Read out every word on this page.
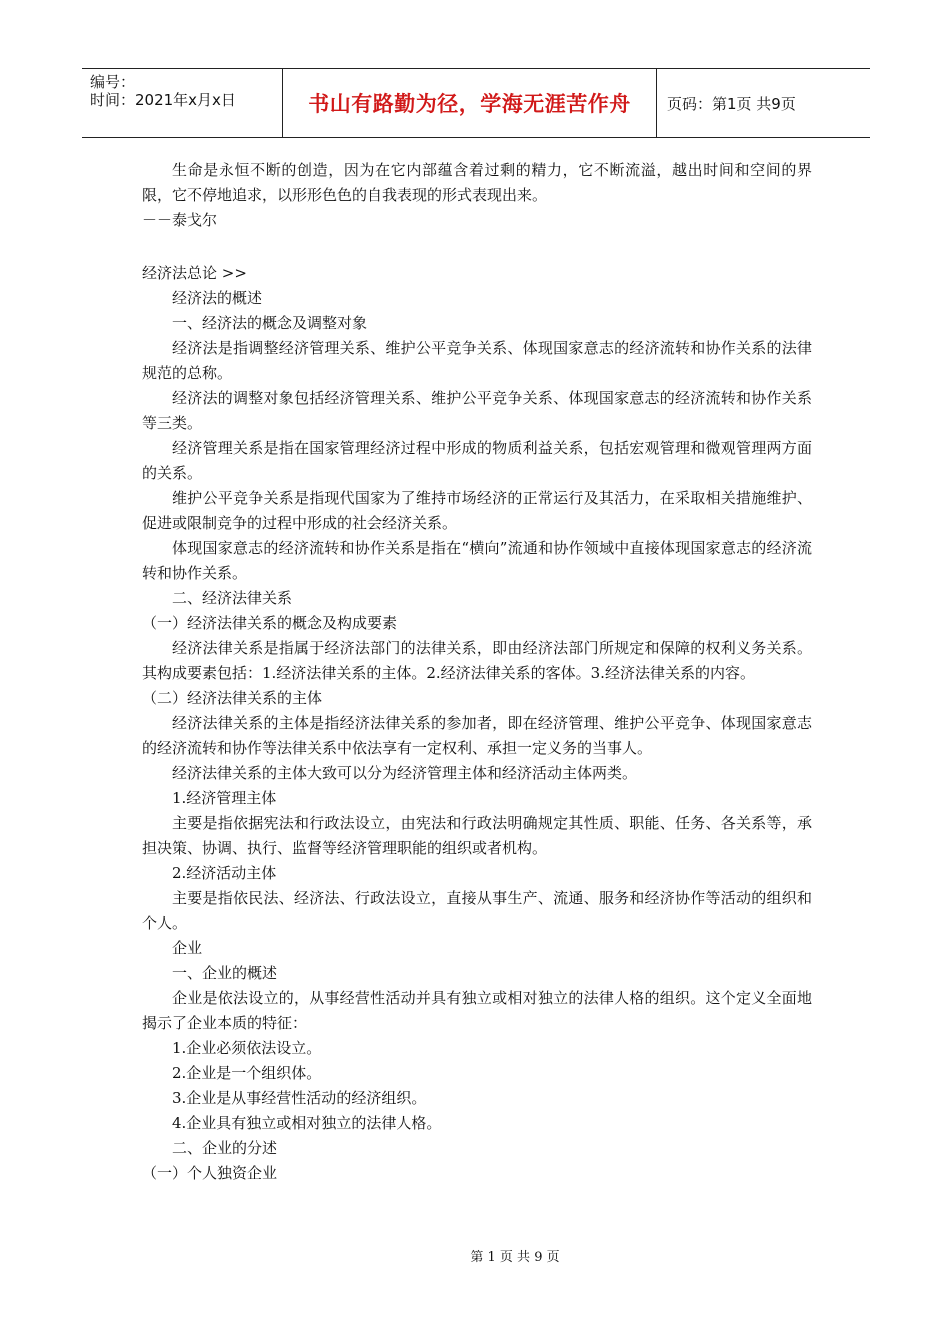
编号：
时间：2021年x月x日	书山有路勤为径，学海无涯苦作舟 页码：第1页 共9页

生命是永恒不断的创造，因为在它内部蕴含着过剩的精力，它不断流溢，越出时间和空间的界限，它不停地追求，以形形色色的自我表现的形式表现出来。

－－泰戈尔

经济法总论 >>

经济法的概述

一、经济法的概念及调整对象

经济法是指调整经济管理关系、维护公平竞争关系、体现国家意志的经济流转和协作关系的法律规范的总称。

经济法的调整对象包括经济管理关系、维护公平竞争关系、体现国家意志的经济流转和协作关系等三类。

经济管理关系是指在国家管理经济过程中形成的物质利益关系，包括宏观管理和微观管理两方面的关系。

维护公平竞争关系是指现代国家为了维持市场经济的正常运行及其活力，在采取相关措施维护、促进或限制竞争的过程中形成的社会经济关系。

体现国家意志的经济流转和协作关系是指在“横向”流通和协作领域中直接体现国家意志的经济流转和协作关系。

二、经济法律关系

（一）经济法律关系的概念及构成要素

经济法律关系是指属于经济法部门的法律关系，即由经济法部门所规定和保障的权利义务关系。其构成要素包括：1.经济法律关系的主体。2.经济法律关系的客体。3.经济法律关系的内容。

（二）经济法律关系的主体

经济法律关系的主体是指经济法律关系的参加者，即在经济管理、维护公平竞争、体现国家意志的经济流转和协作等法律关系中依法享有一定权利、承担一定义务的当事人。

经济法律关系的主体大致可以分为经济管理主体和经济活动主体两类。

1.经济管理主体

主要是指依据宪法和行政法设立，由宪法和行政法明确规定其性质、职能、任务、各关系等，承担决策、协调、执行、监督等经济管理职能的组织或者机构。

2.经济活动主体

主要是指依民法、经济法、行政法设立，直接从事生产、流通、服务和经济协作等活动的组织和个人。

企业

一、企业的概述

企业是依法设立的，从事经营性活动并具有独立或相对独立的法律人格的组织。这个定义全面地揭示了企业本质的特征：

1.企业必须依法设立。

2.企业是一个组织体。

3.企业是从事经营性活动的经济组织。

4.企业具有独立或相对独立的法律人格。

二、企业的分述

（一）个人独资企业

第 1 页 共 9 页
